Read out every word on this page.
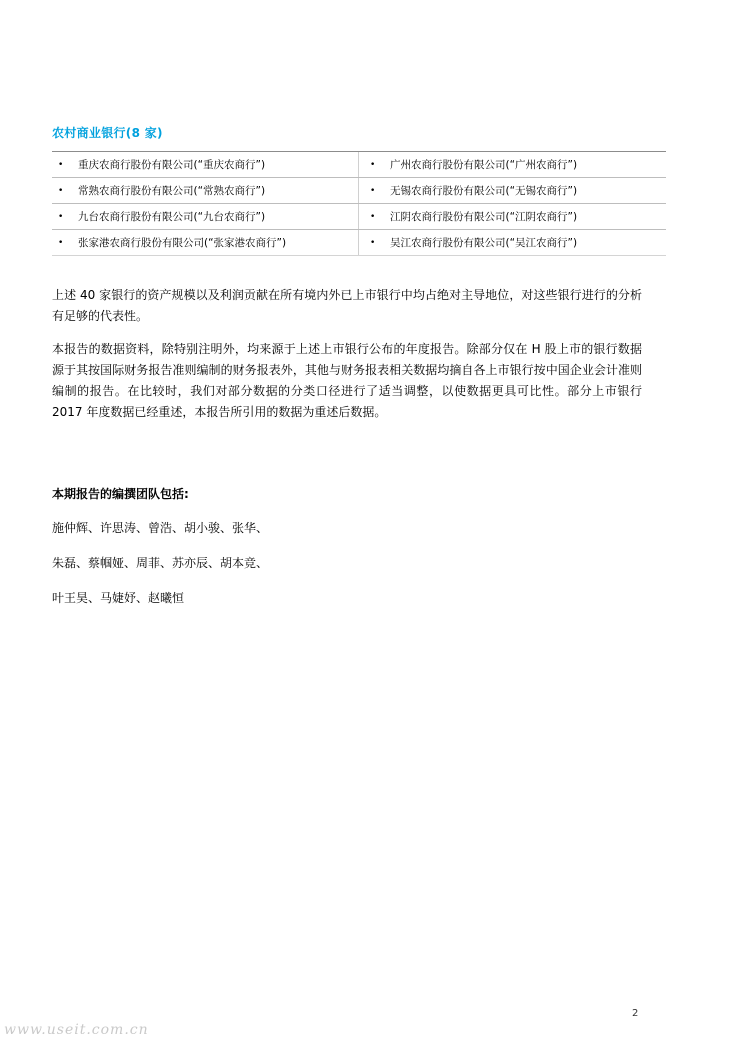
农村商业银行(8 家)
•	重庆农商行股份有限公司(“重庆农商行”)	•	广州农商行股份有限公司(“广州农商行”)
•	常熟农商行股份有限公司(“常熟农商行”)	•	无锡农商行股份有限公司(“无锡农商行”)
•	九台农商行股份有限公司(“九台农商行”)	•	江阴农商行股份有限公司(“江阴农商行”)
•	张家港农商行股份有限公司(“张家港农商行”)	•	吴江农商行股份有限公司(“吴江农商行”)

上述 40 家银行的资产规模以及利润贡献在所有境内外已上市银行中均占绝对主导地位，对这些银行进行的分析有足够的代表性。

本报告的数据资料，除特别注明外，均来源于上述上市银行公布的年度报告。除部分仅在 H 股上市的银行数据源于其按国际财务报告准则编制的财务报表外，其他与财务报表相关数据均摘自各上市银行按中国企业会计准则编制的报告。在比较时，我们对部分数据的分类口径进行了适当调整，以使数据更具可比性。部分上市银行 2017 年度数据已经重述，本报告所引用的数据为重述后数据。

本期报告的编撰团队包括:
施仲辉、许思涛、曾浩、胡小骏、张华、
朱磊、蔡帼娅、周菲、苏亦辰、胡本竞、
叶王昊、马婕妤、赵曦恒
2
www.useit.com.cn
